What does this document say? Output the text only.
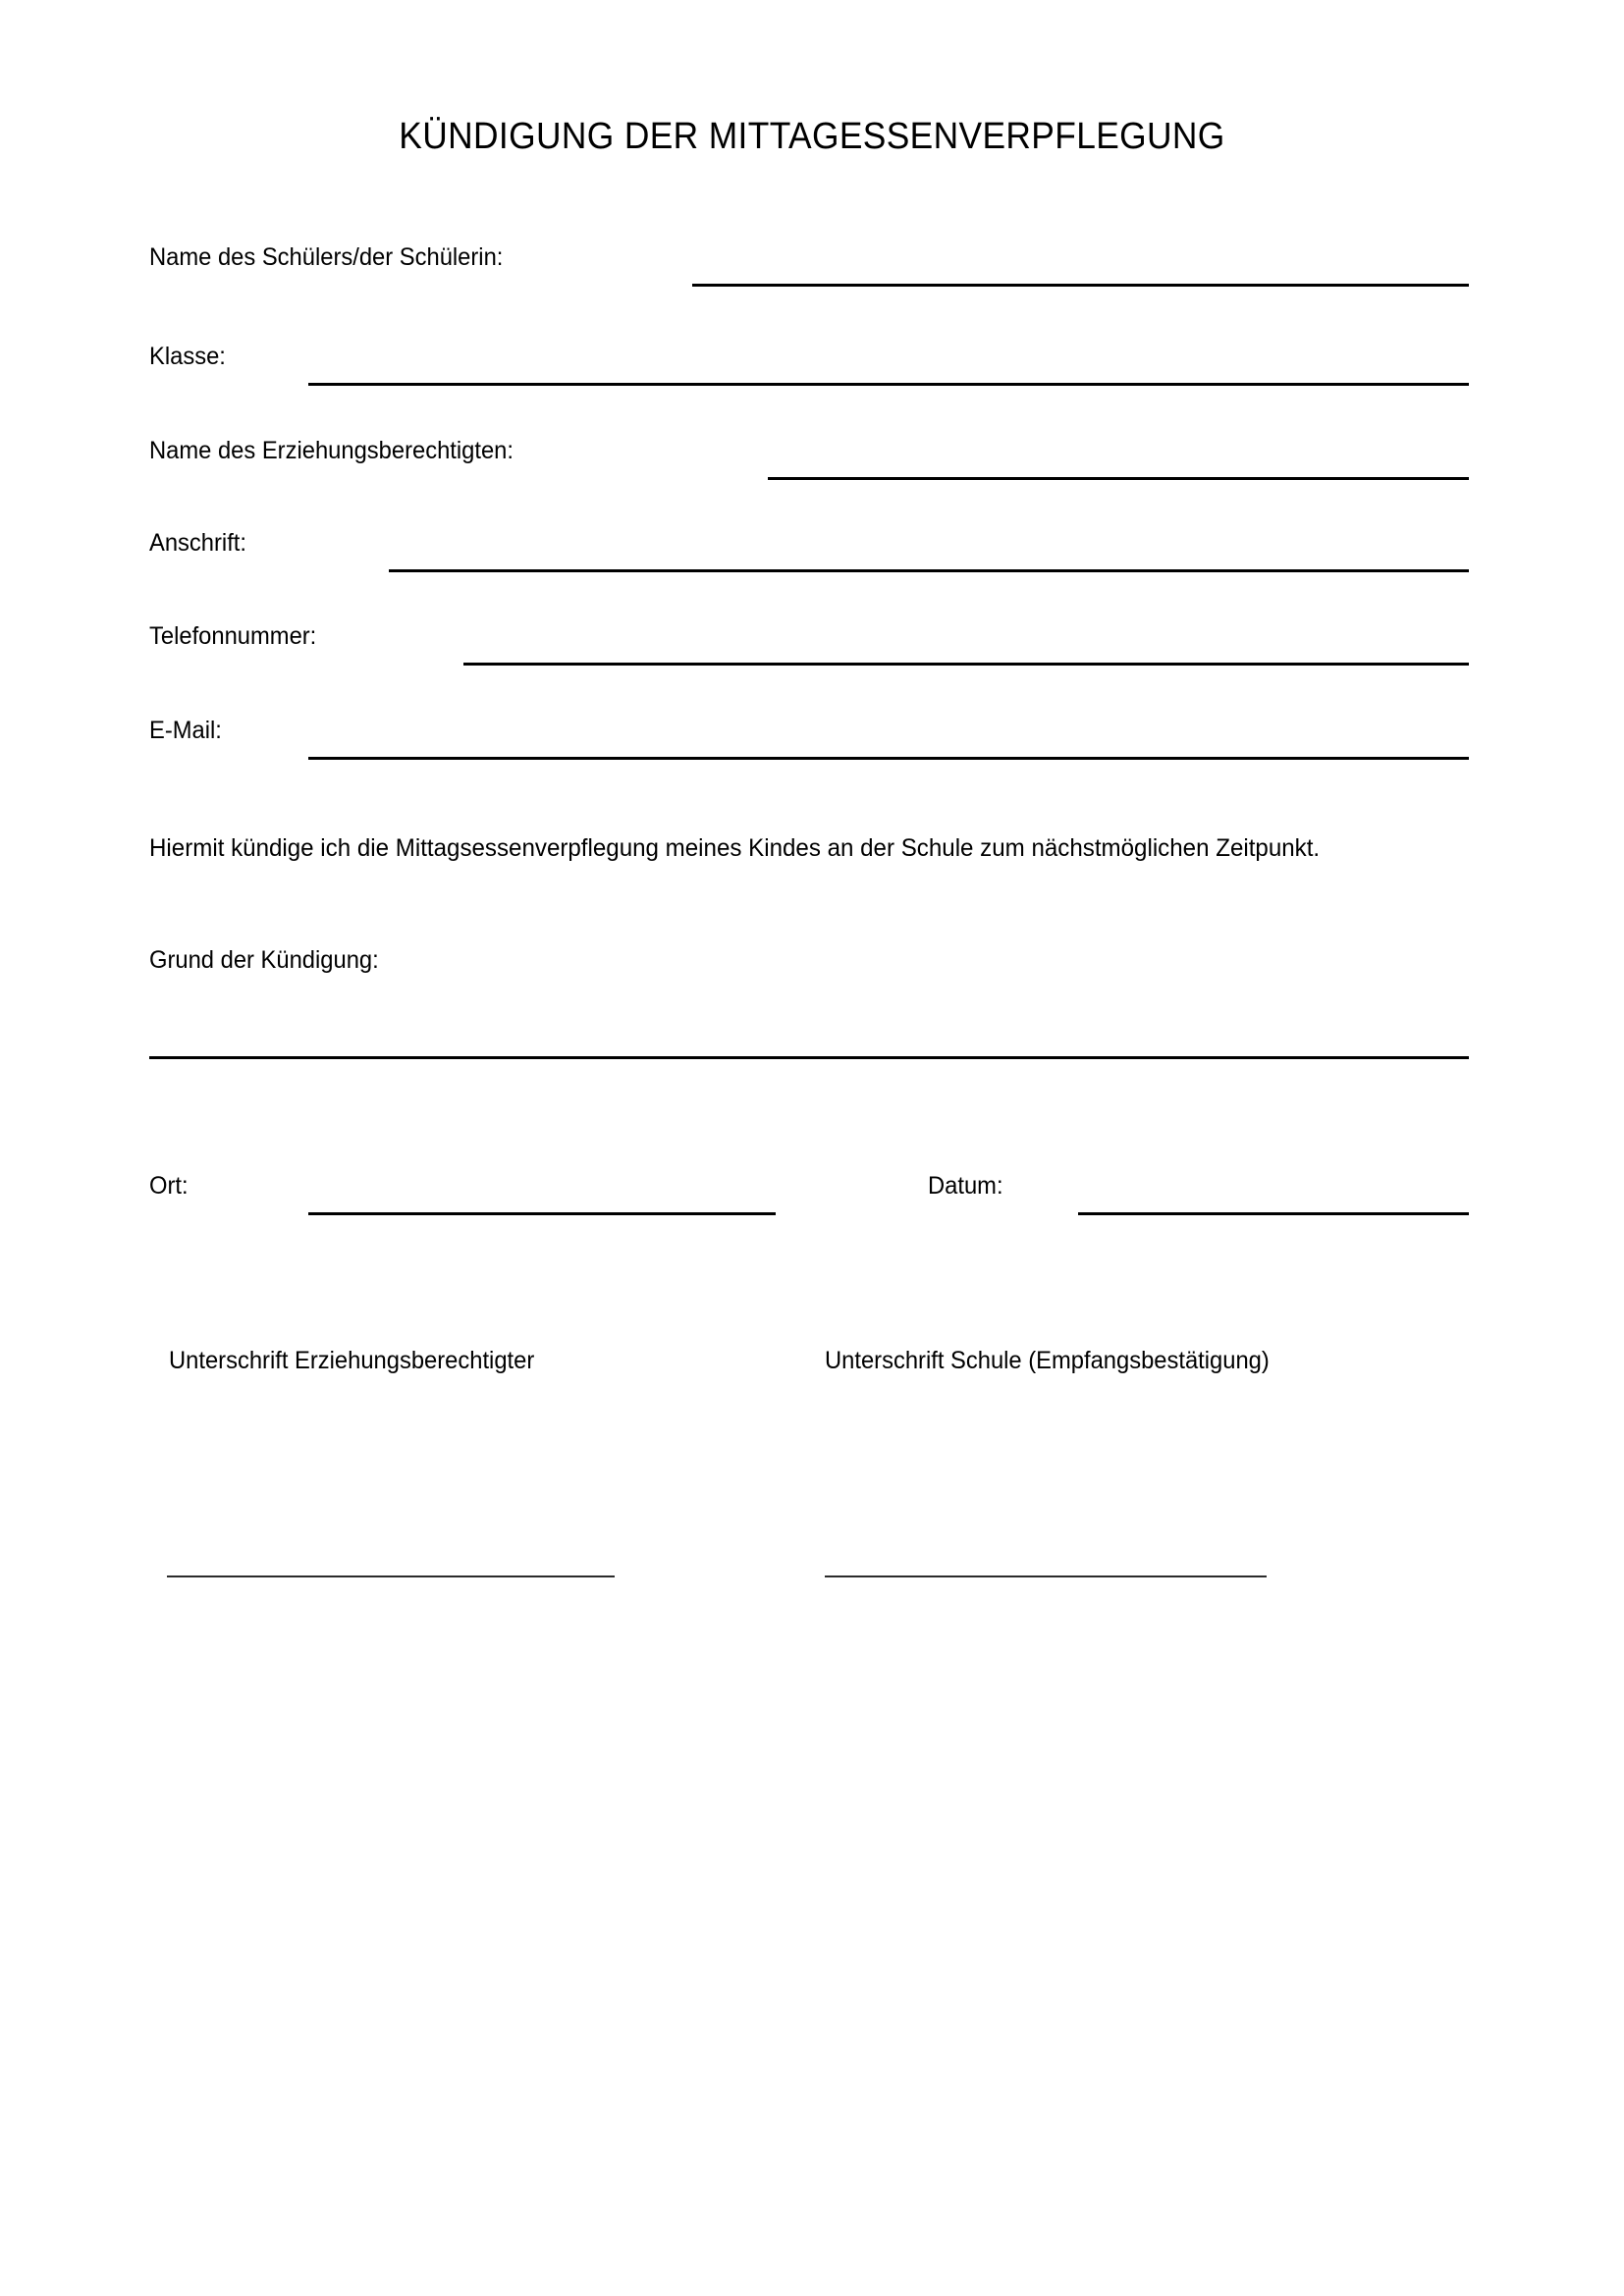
KÜNDIGUNG DER MITTAGESSENVERPFLEGUNG
Name des Schülers/der Schülerin:
Klasse:
Name des Erziehungsberechtigten:
Anschrift:
Telefonnummer:
E-Mail:
Hiermit kündige ich die Mittagsessenverpflegung meines Kindes an der Schule zum nächstmöglichen Zeitpunkt.
Grund der Kündigung:
Ort:	Datum:
Unterschrift Erziehungsberechtigter	Unterschrift Schule (Empfangsbestätigung)
